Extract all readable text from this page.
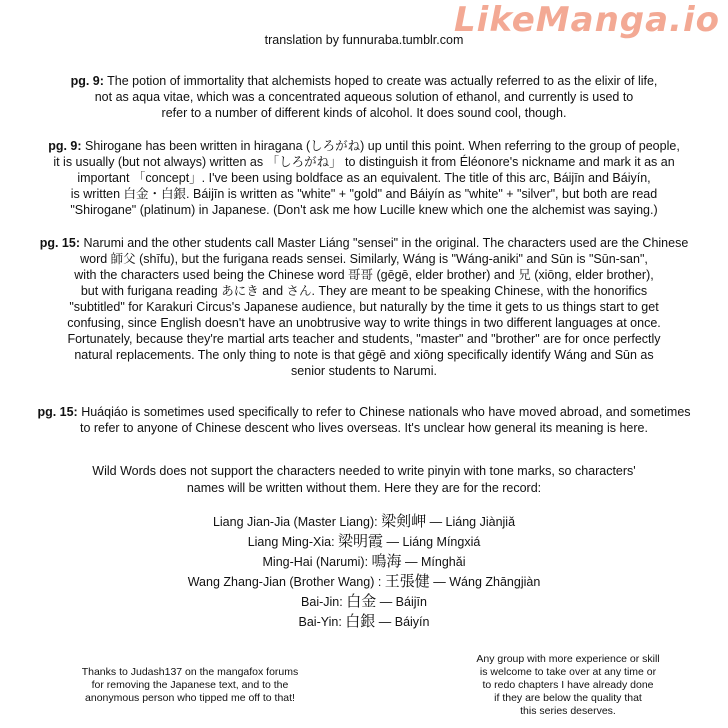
LikeManga.io
translation by funnuraba.tumblr.com
pg. 9: The potion of immortality that alchemists hoped to create was actually referred to as the elixir of life,
not as aqua vitae, which was a concentrated aqueous solution of ethanol, and currently is used to
refer to a number of different kinds of alcohol. It does sound cool, though.
pg. 9: Shirogane has been written in hiragana (しろがね) up until this point. When referring to the group of people,
it is usually (but not always) written as 「しろがね」 to distinguish it from Éléonore's nickname and mark it as an
important 「concept」. I've been using boldface as an equivalent. The title of this arc, Báijīn and Báiyín,
is written 白金・白銀. Báijīn is written as "white" + "gold" and Báiyín as "white" + "silver", but both are read
"Shirogane" (platinum) in Japanese. (Don't ask me how Lucille knew which one the alchemist was saying.)
pg. 15: Narumi and the other students call Master Liáng "sensei" in the original. The characters used are the Chinese
word 師父 (shīfu), but the furigana reads sensei. Similarly, Wáng is "Wáng-aniki" and Sūn is "Sūn-san",
with the characters used being the Chinese word 哥哥 (gēgē, elder brother) and 兄 (xiōng, elder brother),
but with furigana reading あにき and さん. They are meant to be speaking Chinese, with the honorifics
"subtitled" for Karakuri Circus's Japanese audience, but naturally by the time it gets to us things start to get
confusing, since English doesn't have an unobtrusive way to write things in two different languages at once.
Fortunately, because they're martial arts teacher and students, "master" and "brother" are for once perfectly
natural replacements. The only thing to note is that gēgē and xiōng specifically identify Wáng and Sūn as
senior students to Narumi.
pg. 15: Huáqiáo is sometimes used specifically to refer to Chinese nationals who have moved abroad, and sometimes
to refer to anyone of Chinese descent who lives overseas. It's unclear how general its meaning is here.
Wild Words does not support the characters needed to write pinyin with tone marks, so characters'
names will be written without them. Here they are for the record:
Liang Jian-Jia (Master Liang): 梁剣岬 — Liáng Jiànjiǎ
Liang Ming-Xia: 梁明霞 — Liáng Míngxiá
Ming-Hai (Narumi): 鳴海 — Mínghǎi
Wang Zhang-Jian (Brother Wang) : 王張健 — Wáng Zhāngjiàn
Bai-Jin: 白金 — Báijīn
Bai-Yin: 白銀 — Báiyín
Thanks to Judash137 on the mangafox forums
for removing the Japanese text, and to the
anonymous person who tipped me off to that!
Any group with more experience or skill
is welcome to take over at any time or
to redo chapters I have already done
if they are below the quality that
this series deserves.
